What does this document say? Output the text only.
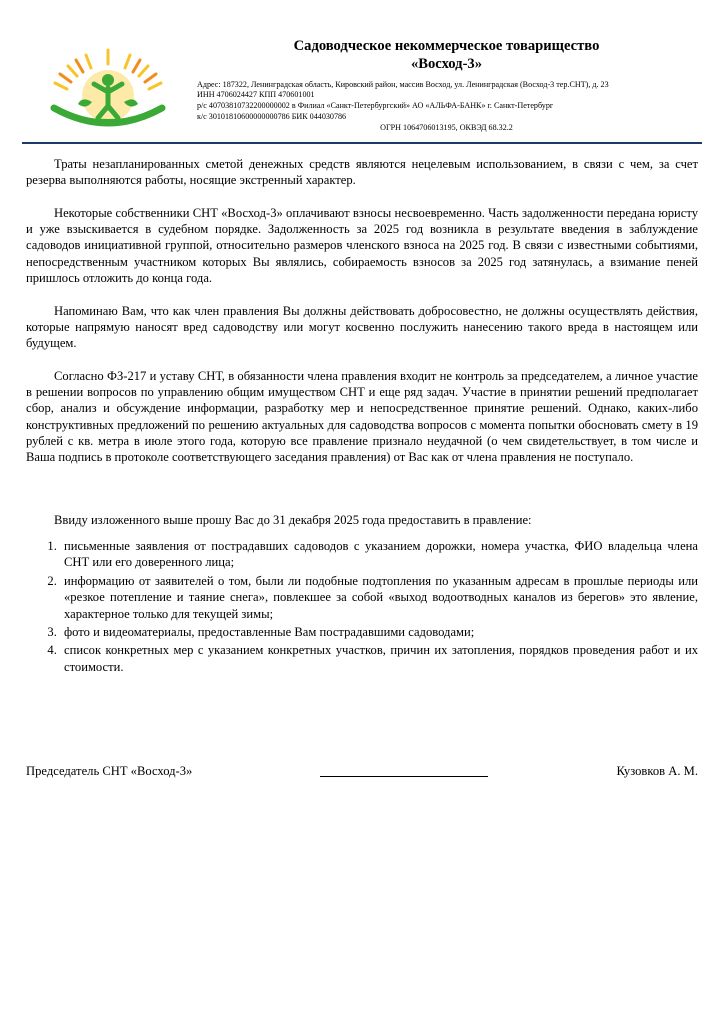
Садоводческое некоммерческое товарищество
«Восход-3»
Адрес: 187322, Ленинградская область, Кировский район, массив Восход, ул. Ленинградская (Восход-3 тер.СНТ), д. 23
ИНН 4706024427 КПП 470601001
р/с 40703810732200000002 в Филиал «Санкт-Петербургский» АО «АЛЬФА-БАНК» г. Санкт-Петербург
к/с 30101810600000000786 БИК 044030786
ОГРН 1064706013195, ОКВЭД 68.32.2

Траты незапланированных сметой денежных средств являются нецелевым использованием, в связи с чем, за счет резерва выполняются работы, носящие экстренный характер.

Некоторые собственники СНТ «Восход-3» оплачивают взносы несвоевременно. Часть задолженности передана юристу и уже взыскивается в судебном порядке. Задолженность за 2025 год возникла в результате введения в заблуждение садоводов инициативной группой, относительно размеров членского взноса на 2025 год. В связи с известными событиями, непосредственным участником которых Вы являлись, собираемость взносов за 2025 год затянулась, а взимание пеней пришлось отложить до конца года.

Напоминаю Вам, что как член правления Вы должны действовать добросовестно, не должны осуществлять действия, которые напрямую наносят вред садоводству или могут косвенно послужить нанесению такого вреда в настоящем или будущем.

Согласно ФЗ-217 и уставу СНТ, в обязанности члена правления входит не контроль за председателем, а личное участие в решении вопросов по управлению общим имуществом СНТ и еще ряд задач. Участие в принятии решений предполагает сбор, анализ и обсуждение информации, разработку мер и непосредственное принятие решений. Однако, каких-либо конструктивных предложений по решению актуальных для садоводства вопросов с момента попытки обосновать смету в 19 рублей с кв. метра в июле этого года, которую все правление признало неудачной (о чем свидетельствует, в том числе и Ваша подпись в протоколе соответствующего заседания правления) от Вас как от члена правления не поступало.

Ввиду изложенного выше прошу Вас до 31 декабря 2025 года предоставить в правление:

1. письменные заявления от пострадавших садоводов с указанием дорожки, номера участка, ФИО владельца члена СНТ или его доверенного лица;
2. информацию от заявителей о том, были ли подобные подтопления по указанным адресам в прошлые периоды или «резкое потепление и таяние снега», повлекшее за собой «выход водоотводных каналов из берегов» это явление, характерное только для текущей зимы;
3. фото и видеоматериалы, предоставленные Вам пострадавшими садоводами;
4. список конкретных мер с указанием конкретных участков, причин их затопления, порядков проведения работ и их стоимости.
Председатель СНТ «Восход-3»	Кузовков А. М.
